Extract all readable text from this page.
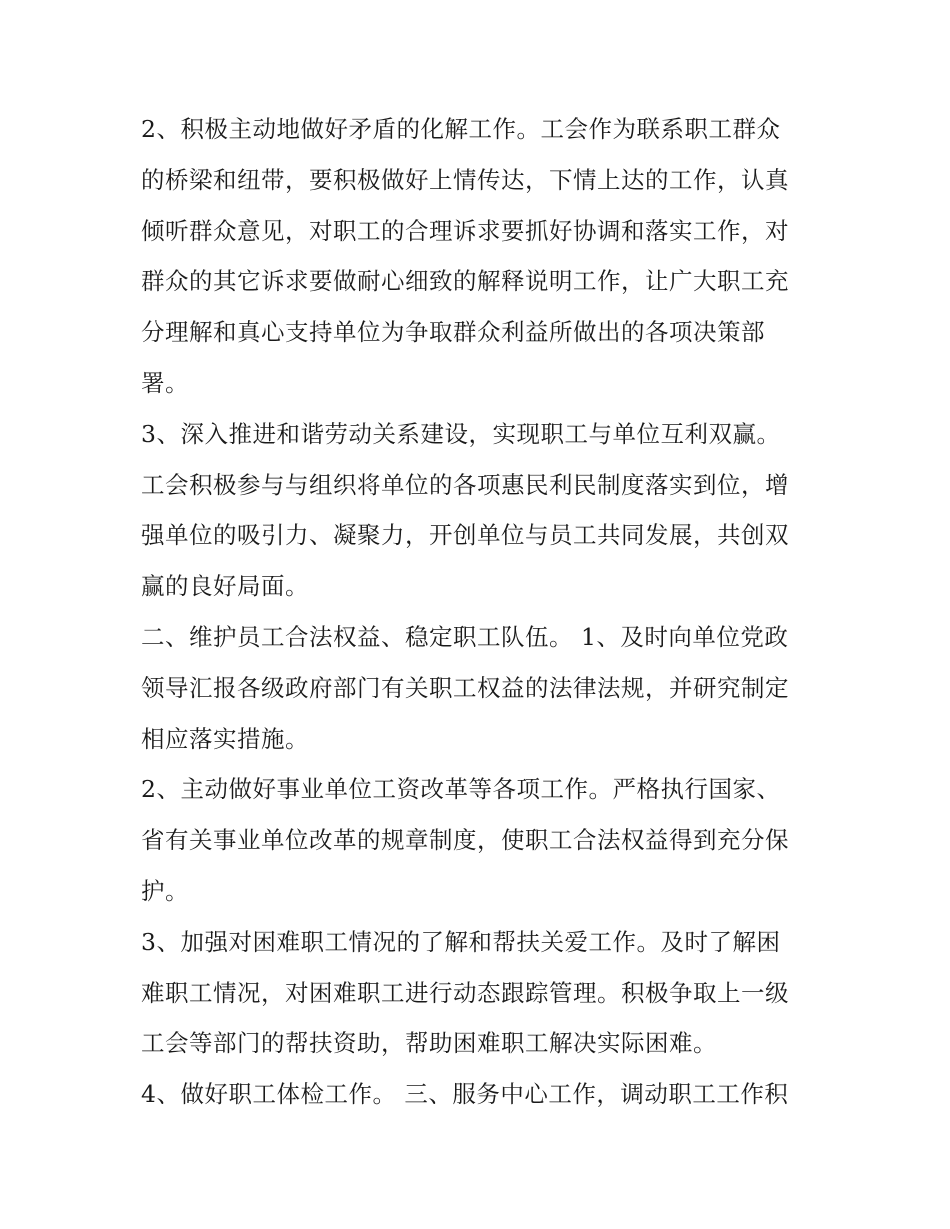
2、积极主动地做好矛盾的化解工作。工会作为联系职工群众
的桥梁和纽带，要积极做好上情传达，下情上达的工作，认真
倾听群众意见，对职工的合理诉求要抓好协调和落实工作，对
群众的其它诉求要做耐心细致的解释说明工作，让广大职工充
分理解和真心支持单位为争取群众利益所做出的各项决策部
署。
3、深入推进和谐劳动关系建设，实现职工与单位互利双赢。
工会积极参与与组织将单位的各项惠民利民制度落实到位，增
强单位的吸引力、凝聚力，开创单位与员工共同发展，共创双
赢的良好局面。
二、维护员工合法权益、稳定职工队伍。 1、及时向单位党政
领导汇报各级政府部门有关职工权益的法律法规，并研究制定
相应落实措施。
2、主动做好事业单位工资改革等各项工作。严格执行国家、
省有关事业单位改革的规章制度，使职工合法权益得到充分保
护。
3、加强对困难职工情况的了解和帮扶关爱工作。及时了解困
难职工情况，对困难职工进行动态跟踪管理。积极争取上一级
工会等部门的帮扶资助，帮助困难职工解决实际困难。
4、做好职工体检工作。 三、服务中心工作，调动职工工作积
